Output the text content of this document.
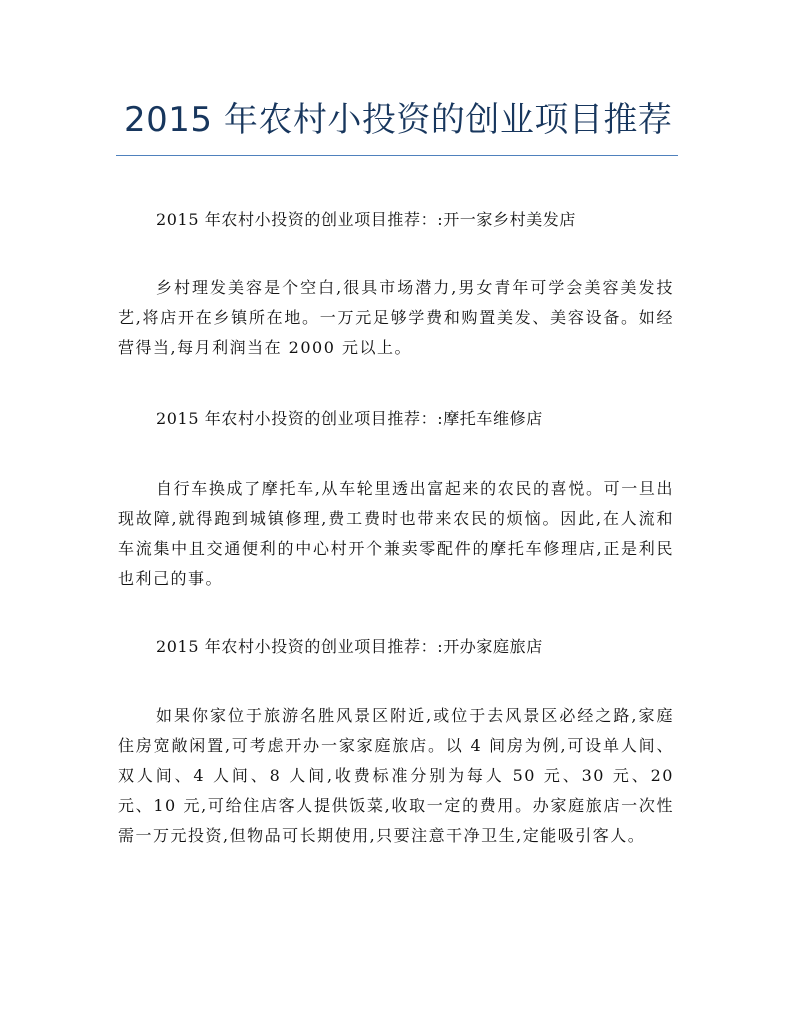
2015 年农村小投资的创业项目推荐
2015 年农村小投资的创业项目推荐：:开一家乡村美发店
乡村理发美容是个空白,很具市场潜力,男女青年可学会美容美发技艺,将店开在乡镇所在地。一万元足够学费和购置美发、美容设备。如经营得当,每月利润当在 2000 元以上。
2015 年农村小投资的创业项目推荐：:摩托车维修店
自行车换成了摩托车,从车轮里透出富起来的农民的喜悦。可一旦出现故障,就得跑到城镇修理,费工费时也带来农民的烦恼。因此,在人流和车流集中且交通便利的中心村开个兼卖零配件的摩托车修理店,正是利民也利己的事。
2015 年农村小投资的创业项目推荐：:开办家庭旅店
如果你家位于旅游名胜风景区附近,或位于去风景区必经之路,家庭住房宽敞闲置,可考虑开办一家家庭旅店。以 4 间房为例,可设单人间、双人间、4 人间、8 人间,收费标准分别为每人 50 元、30 元、20 元、10 元,可给住店客人提供饭菜,收取一定的费用。办家庭旅店一次性需一万元投资,但物品可长期使用,只要注意干净卫生,定能吸引客人。
